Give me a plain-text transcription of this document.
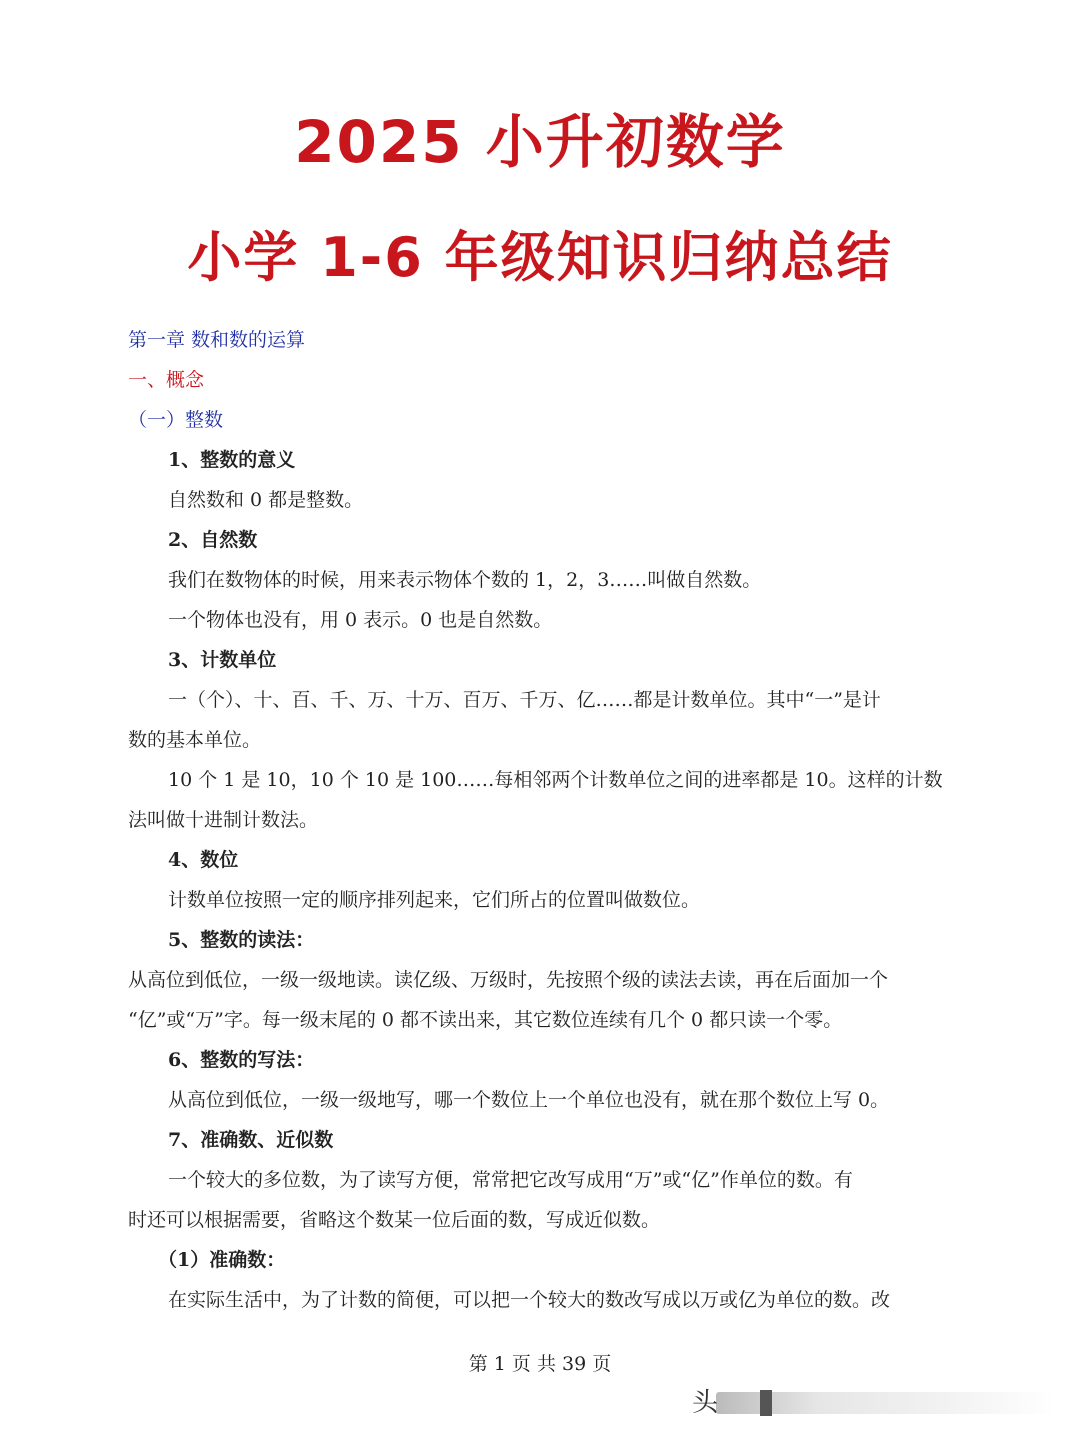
2025 小升初数学
小学 1-6 年级知识归纳总结
第一章 数和数的运算
一、概念
（一）整数
1、整数的意义
自然数和 0 都是整数。
2、自然数
我们在数物体的时候，用来表示物体个数的 1，2，3……叫做自然数。
一个物体也没有，用 0 表示。0 也是自然数。
3、计数单位
一（个）、十、百、千、万、十万、百万、千万、亿……都是计数单位。其中“一”是计
数的基本单位。
10 个 1 是 10，10 个 10 是 100……每相邻两个计数单位之间的进率都是 10。这样的计数
法叫做十进制计数法。
4、数位
计数单位按照一定的顺序排列起来，它们所占的位置叫做数位。
5、整数的读法：
从高位到低位，一级一级地读。读亿级、万级时，先按照个级的读法去读，再在后面加一个
“亿”或“万”字。每一级末尾的 0 都不读出来，其它数位连续有几个 0 都只读一个零。
6、整数的写法：
从高位到低位，一级一级地写，哪一个数位上一个单位也没有，就在那个数位上写 0。
7、准确数、近似数
一个较大的多位数，为了读写方便，常常把它改写成用“万”或“亿”作单位的数。有
时还可以根据需要，省略这个数某一位后面的数，写成近似数。
（1）准确数：
在实际生活中，为了计数的简便，可以把一个较大的数改写成以万或亿为单位的数。改
第 1 页 共 39 页
头
